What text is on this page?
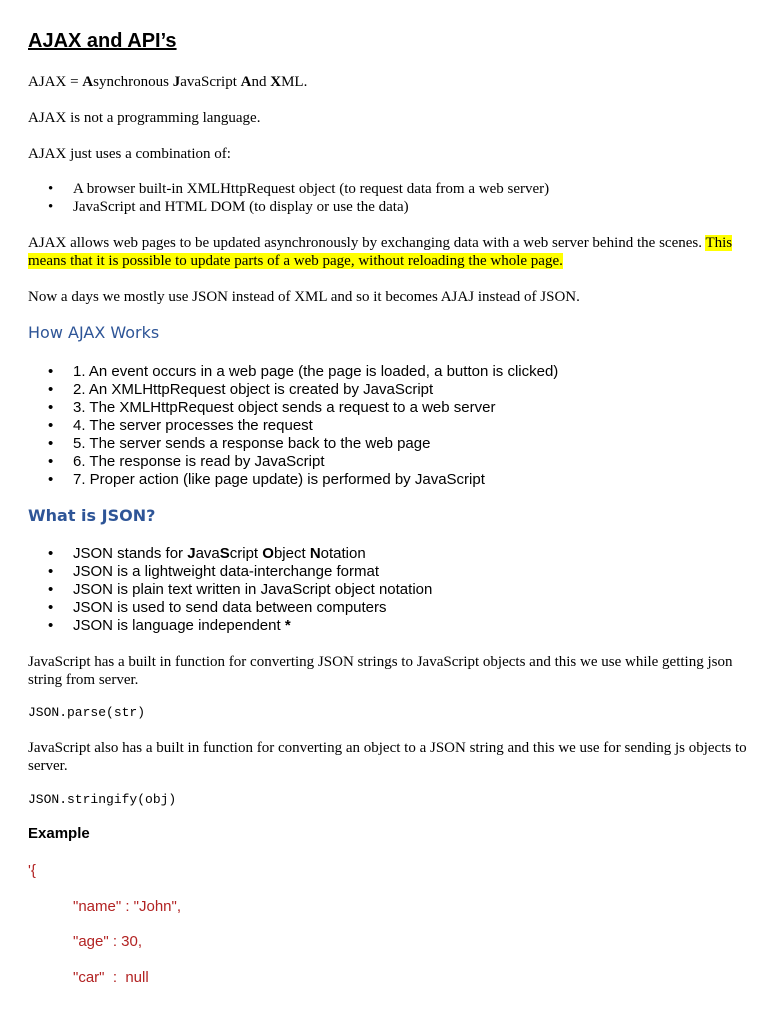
AJAX and API’s

AJAX = Asynchronous JavaScript And XML.

AJAX is not a programming language.

AJAX just uses a combination of:

• A browser built-in XMLHttpRequest object (to request data from a web server)
• JavaScript and HTML DOM (to display or use the data)

AJAX allows web pages to be updated asynchronously by exchanging data with a web server behind the scenes. This means that it is possible to update parts of a web page, without reloading the whole page.

Now a days we mostly use JSON instead of XML and so it becomes AJAJ instead of JSON.

How AJAX Works
• 1. An event occurs in a web page (the page is loaded, a button is clicked)
• 2. An XMLHttpRequest object is created by JavaScript
• 3. The XMLHttpRequest object sends a request to a web server
• 4. The server processes the request
• 5. The server sends a response back to the web page
• 6. The response is read by JavaScript
• 7. Proper action (like page update) is performed by JavaScript
What is JSON?
• JSON stands for JavaScript Object Notation
• JSON is a lightweight data-interchange format
• JSON is plain text written in JavaScript object notation
• JSON is used to send data between computers
• JSON is language independent *

JavaScript has a built in function for converting JSON strings to JavaScript objects and this we use while getting json string from server.

JSON.parse(str)

JavaScript also has a built in function for converting an object to a JSON string and this we use for sending js objects to server.

JSON.stringify(obj)

Example

'{

"name" : "John",

"age" : 30,

"car"  :  null
